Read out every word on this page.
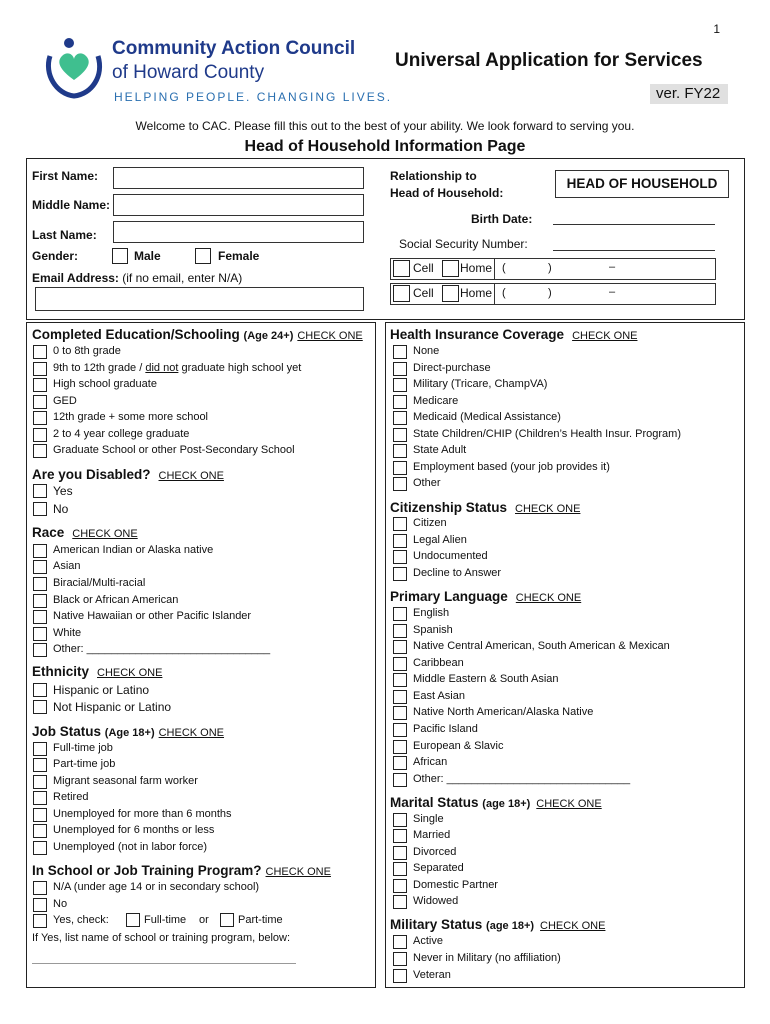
1
Community Action Council
of Howard County
HELPING PEOPLE. CHANGING LIVES.
Universal Application for Services
ver. FY22
Welcome to CAC. Please fill this out to the best of your ability. We look forward to serving you.
Head of Household Information Page
First Name:
Middle Name:
Last Name:
Gender:	Male	Female
Email Address: (if no email, enter N/A)
Relationship to
Head of Household:
HEAD OF HOUSEHOLD
Birth Date:
Social Security Number:
Cell Home (	)	–
Cell Home (	)	–
Completed Education/Schooling (Age 24+) CHECK ONE
0 to 8th grade
9th to 12th grade / did not graduate high school yet
High school graduate
GED
12th grade + some more school
2 to 4 year college graduate
Graduate School or other Post-Secondary School
Are you Disabled? CHECK ONE
Yes
No
Race CHECK ONE
American Indian or Alaska native
Asian
Biracial/Multi-racial
Black or African American
Native Hawaiian or other Pacific Islander
White
Other: ______________________________
Ethnicity CHECK ONE
Hispanic or Latino
Not Hispanic or Latino
Job Status (Age 18+) CHECK ONE
Full-time job
Part-time job
Migrant seasonal farm worker
Retired
Unemployed for more than 6 months
Unemployed for 6 months or less
Unemployed (not in labor force)
In School or Job Training Program? CHECK ONE
N/A (under age 14 or in secondary school)
No
Yes, check:	Full-time or	Part-time
If Yes, list name of school or training program, below:
Health Insurance Coverage CHECK ONE
None
Direct-purchase
Military (Tricare, ChampVA)
Medicare
Medicaid (Medical Assistance)
State Children/CHIP (Children’s Health Insur. Program)
State Adult
Employment based (your job provides it)
Other
Citizenship Status CHECK ONE
Citizen
Legal Alien
Undocumented
Decline to Answer
Primary Language CHECK ONE
English
Spanish
Native Central American, South American & Mexican
Caribbean
Middle Eastern & South Asian
East Asian
Native North American/Alaska Native
Pacific Island
European & Slavic
African
Other: ______________________________
Marital Status (age 18+) CHECK ONE
Single
Married
Divorced
Separated
Domestic Partner
Widowed
Military Status (age 18+) CHECK ONE
Active
Never in Military (no affiliation)
Veteran
